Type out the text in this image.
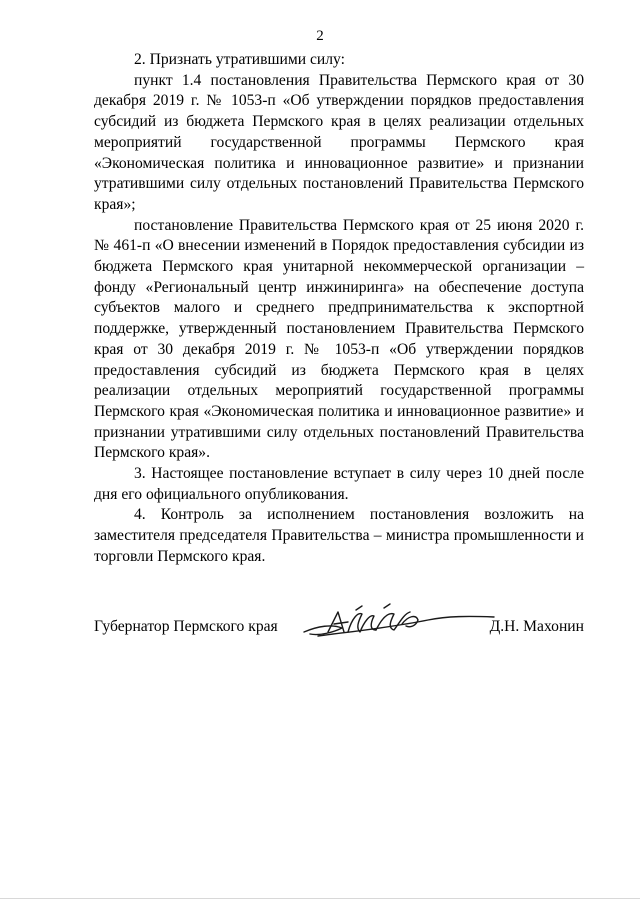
2

2. Признать утратившими силу:

пункт 1.4 постановления Правительства Пермского края от 30 декабря 2019 г. № 1053-п «Об утверждении порядков предоставления субсидий из бюджета Пермского края в целях реализации отдельных мероприятий государственной программы Пермского края «Экономическая политика и инновационное развитие» и признании утратившими силу отдельных постановлений Правительства Пермского края»;

постановление Правительства Пермского края от 25 июня 2020 г. № 461-п «О внесении изменений в Порядок предоставления субсидии из бюджета Пермского края унитарной некоммерческой организации – фонду «Региональный центр инжиниринга» на обеспечение доступа субъектов малого и среднего предпринимательства к экспортной поддержке, утвержденный постановлением Правительства Пермского края от 30 декабря 2019 г. № 1053-п «Об утверждении порядков предоставления субсидий из бюджета Пермского края в целях реализации отдельных мероприятий государственной программы Пермского края «Экономическая политика и инновационное развитие» и признании утратившими силу отдельных постановлений Правительства Пермского края».

3. Настоящее постановление вступает в силу через 10 дней после дня его официального опубликования.

4. Контроль за исполнением постановления возложить на заместителя председателя Правительства – министра промышленности и торговли Пермского края.

Губернатор Пермского края	Д.Н. Махонин
